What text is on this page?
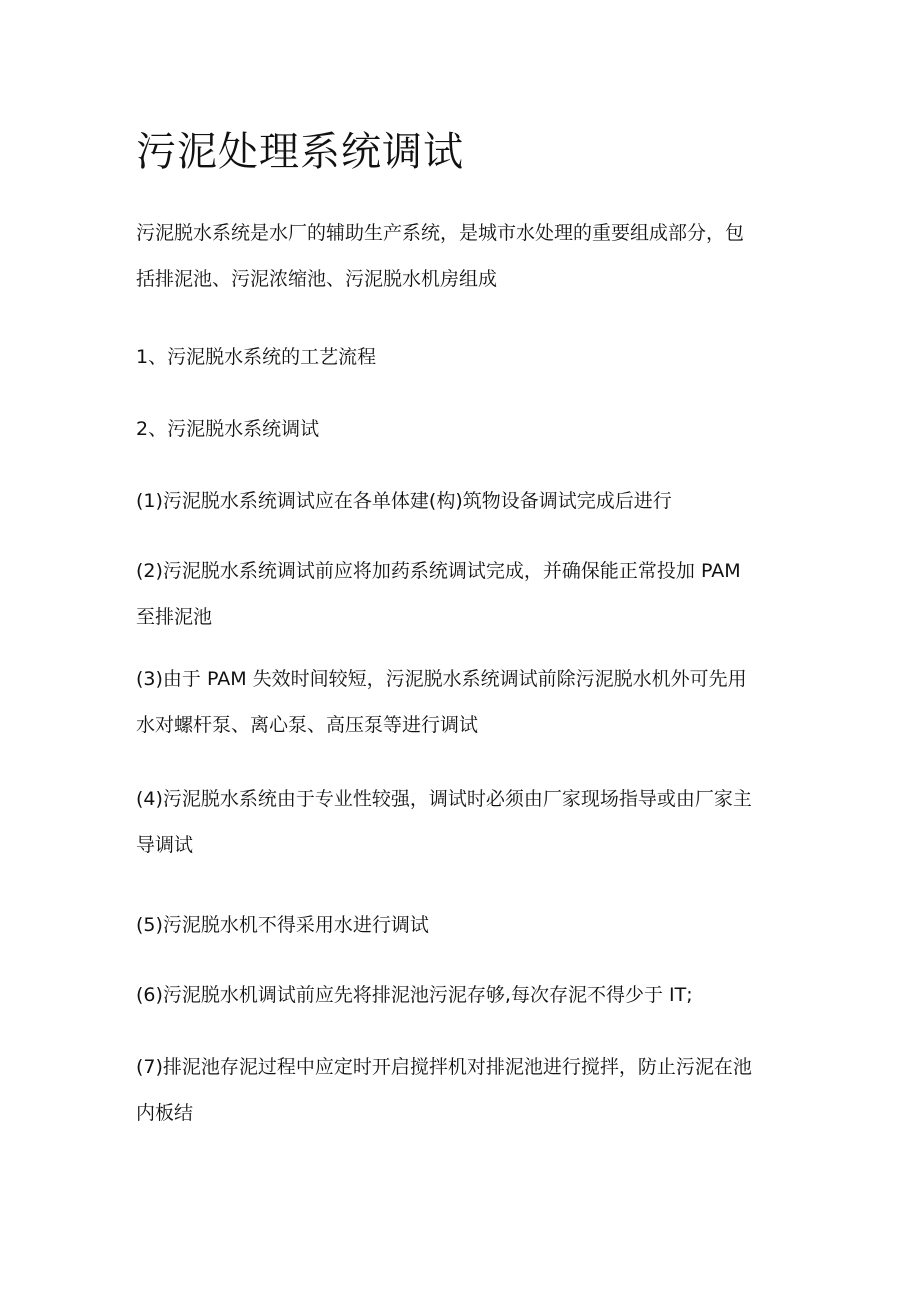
污泥处理系统调试

污泥脱水系统是水厂的辅助生产系统，是城市水处理的重要组成部分，包
括排泥池、污泥浓缩池、污泥脱水机房组成

1、污泥脱水系统的工艺流程

2、污泥脱水系统调试

(1)污泥脱水系统调试应在各单体建(构)筑物设备调试完成后进行

(2)污泥脱水系统调试前应将加药系统调试完成，并确保能正常投加 PAM
至排泥池

(3)由于 PAM 失效时间较短，污泥脱水系统调试前除污泥脱水机外可先用
水对螺杆泵、离心泵、高压泵等进行调试

(4)污泥脱水系统由于专业性较强，调试时必须由厂家现场指导或由厂家主
导调试

(5)污泥脱水机不得采用水进行调试

(6)污泥脱水机调试前应先将排泥池污泥存够,每次存泥不得少于 IT;

(7)排泥池存泥过程中应定时开启搅拌机对排泥池进行搅拌，防止污泥在池
内板结
